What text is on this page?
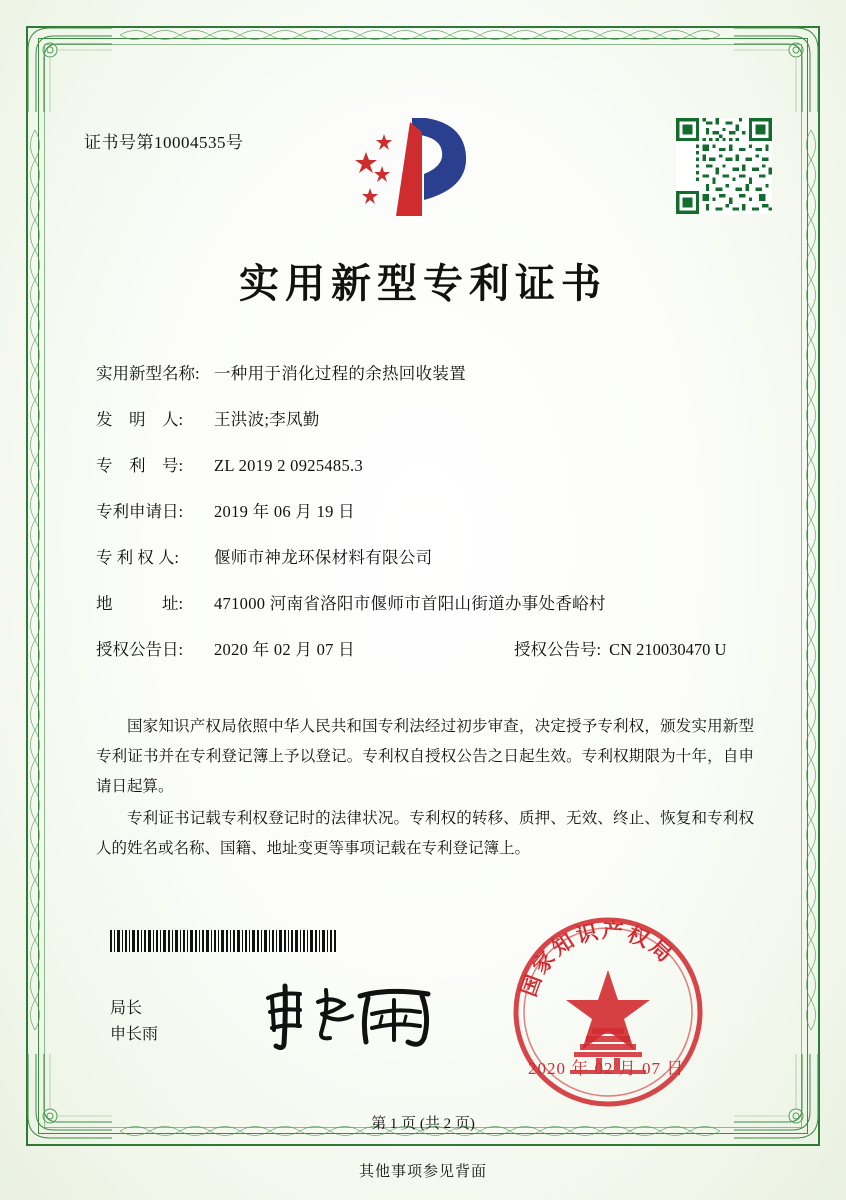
证书号第10004535号
实用新型专利证书
实用新型名称: 一种用于消化过程的余热回收装置
发　明　人:	王洪波;李凤勤
专　利　号:	ZL 2019 2 0925485.3
专利申请日:	2019 年 06 月 19 日
专 利 权 人:	偃师市神龙环保材料有限公司
地　　　址:	471000 河南省洛阳市偃师市首阳山街道办事处香峪村
授权公告日:	2020 年 02 月 07 日	授权公告号: CN 210030470 U

国家知识产权局依照中华人民共和国专利法经过初步审查，决定授予专利权，颁发实用新型专利证书并在专利登记簿上予以登记。专利权自授权公告之日起生效。专利权期限为十年，自申请日起算。

专利证书记载专利权登记时的法律状况。专利权的转移、质押、无效、终止、恢复和专利权人的姓名或名称、国籍、地址变更等事项记载在专利登记簿上。

局长
申长雨
国家知识产权局
2020 年 02 月 07 日
第 1 页 (共 2 页)
其他事项参见背面
